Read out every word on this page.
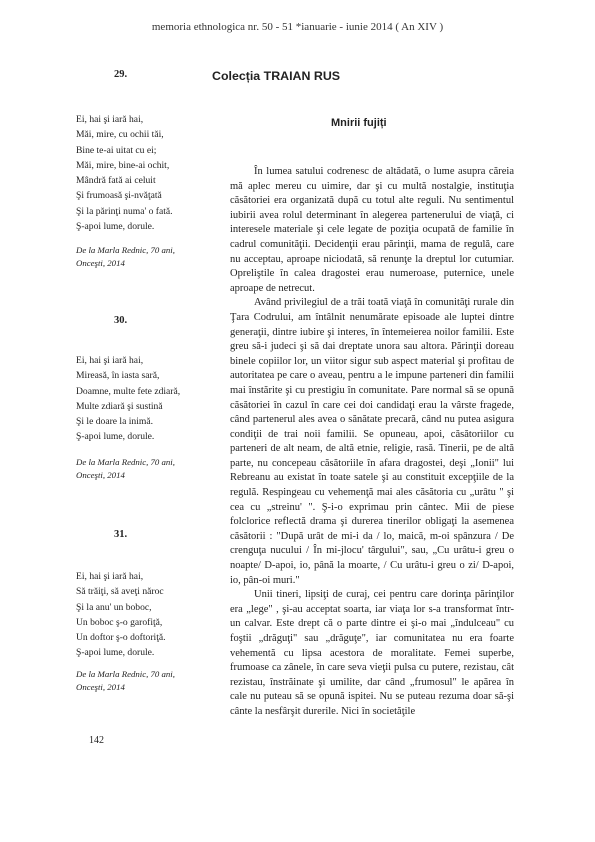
memoria ethnologica nr. 50 - 51 *ianuarie - iunie 2014 ( An XIV )
29.
Ei, hai şi iară hai,
Măi, mire, cu ochii tăi,
Bine te-ai uitat cu ei;
Măi, mire, bine-ai ochit,
Mândră fată ai celuit
Şi frumoasă şi-nvăţată
Şi la părinţi numa' o fată.
Ş-apoi lume, dorule.
De la Marla Rednic, 70 ani,
Onceşti, 2014
30.
Ei, hai şi iară hai,
Mireasă, în iasta sară,
Doamne, multe fete zdiară,
Multe zdiară şi sustină
Şi le doare la inimă.
Ş-apoi lume, dorule.
De la Marla Rednic, 70 ani,
Onceşti, 2014
31.
Ei, hai şi iară hai,
Să trăiţi, să aveţi năroc
Şi la anu' un boboc,
Un boboc ş-o garofiţă,
Un doftor ş-o doftoriţă.
Ş-apoi lume, dorule.
De la Marla Rednic, 70 ani,
Onceşti, 2014
Colecția TRAIAN RUS
Mnirii fujiți

În lumea satului codrenesc de altădată, o lume asupra căreia mă aplec mereu cu uimire, dar şi cu multă nostalgie, instituţia căsătoriei era organizată după cu totul alte reguli. Nu sentimentul iubirii avea rolul determinant în alegerea partenerului de viaţă, ci interesele materiale şi cele legate de poziţia ocupată de familie în cadrul comunităţii. Decidenţii erau părinţii, mama de regulă, care nu acceptau, aproape niciodată, să renunţe la dreptul lor cutumiar. Opreliştile în calea dragostei erau numeroase, puternice, unele aproape de netrecut.

Având privilegiul de a trăi toată viaţă în comunităţi rurale din Ţara Codrului, am întâlnit nenumărate episoade ale luptei dintre generaţii, dintre iubire şi interes, în întemeierea noilor familii. Este greu să-i judeci şi să dai dreptate unora sau altora. Părinţii doreau binele copiilor lor, un viitor sigur sub aspect material şi profitau de autoritatea pe care o aveau, pentru a le impune parteneri din familii mai înstărite şi cu prestigiu în comunitate. Pare normal să se opună căsătoriei în cazul în care cei doi candidaţi erau la vârste fragede, când partenerul ales avea o sănătate precară, când nu putea asigura condiţii de trai noii familii. Se opuneau, apoi, căsătoriilor cu parteneri de alt neam, de altă etnie, religie, rasă. Tinerii, pe de altă parte, nu concepeau căsătoriile în afara dragostei, deşi „Ionii" lui Rebreanu au existat în toate satele şi au constituit excepţiile de la regulă. Respingeau cu vehemenţă mai ales căsătoria cu „urâtu " şi cea cu „streinu' ". Ş-i-o exprimau prin cântec. Mii de piese folclorice reflectă drama şi durerea tinerilor obligaţi la asemenea căsătorii : "După urât de mi-i da / lo, maică, m-oi spânzura / De crenguţa nucului / În mi-jlocu' târgului", sau, „Cu urâtu-i greu o noapte/ D-apoi, io, până la moarte, / Cu urâtu-i greu o zi/ D-apoi, io, pân-oi muri."

Unii tineri, lipsiţi de curaj, cei pentru care dorinţa părinţilor era „lege" , şi-au acceptat soarta, iar viaţa lor s-a transformat într-un calvar. Este drept că o parte dintre ei şi-o mai „îndulceau" cu foştii „drăguţi" sau „drăguţe", iar comunitatea nu era foarte vehementă cu lipsa acestora de moralitate. Femei superbe, frumoase ca zânele, în care seva vieţii pulsa cu putere, rezistau, cât rezistau, înstrăinate şi umilite, dar când „frumosul" le apărea în cale nu puteau să se opună ispitei. Nu se puteau rezuma doar să-şi cânte la nesfârşit durerile. Nici în societăţile

142
